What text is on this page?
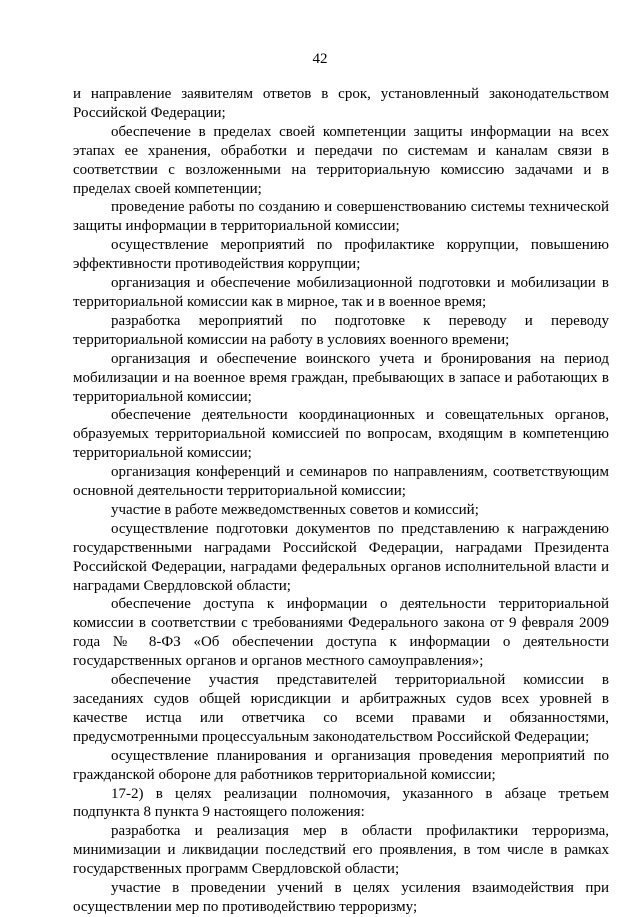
42

и направление заявителям ответов в срок, установленный законодательством Российской Федерации;

обеспечение в пределах своей компетенции защиты информации на всех этапах ее хранения, обработки и передачи по системам и каналам связи в соответствии с возложенными на территориальную комиссию задачами и в пределах своей компетенции;

проведение работы по созданию и совершенствованию системы технической защиты информации в территориальной комиссии;

осуществление мероприятий по профилактике коррупции, повышению эффективности противодействия коррупции;

организация и обеспечение мобилизационной подготовки и мобилизации в территориальной комиссии как в мирное, так и в военное время;

разработка мероприятий по подготовке к переводу и переводу территориальной комиссии на работу в условиях военного времени;

организация и обеспечение воинского учета и бронирования на период мобилизации и на военное время граждан, пребывающих в запасе и работающих в территориальной комиссии;

обеспечение деятельности координационных и совещательных органов, образуемых территориальной комиссией по вопросам, входящим в компетенцию территориальной комиссии;

организация конференций и семинаров по направлениям, соответствующим основной деятельности территориальной комиссии;

участие в работе межведомственных советов и комиссий;

осуществление подготовки документов по представлению к награждению государственными наградами Российской Федерации, наградами Президента Российской Федерации, наградами федеральных органов исполнительной власти и наградами Свердловской области;

обеспечение доступа к информации о деятельности территориальной комиссии в соответствии с требованиями Федерального закона от 9 февраля 2009 года № 8-ФЗ «Об обеспечении доступа к информации о деятельности государственных органов и органов местного самоуправления»;

обеспечение участия представителей территориальной комиссии в заседаниях судов общей юрисдикции и арбитражных судов всех уровней в качестве истца или ответчика со всеми правами и обязанностями, предусмотренными процессуальным законодательством Российской Федерации;

осуществление планирования и организация проведения мероприятий по гражданской обороне для работников территориальной комиссии;

17-2) в целях реализации полномочия, указанного в абзаце третьем подпункта 8 пункта 9 настоящего положения:

разработка и реализация мер в области профилактики терроризма, минимизации и ликвидации последствий его проявления, в том числе в рамках государственных программ Свердловской области;

участие в проведении учений в целях усиления взаимодействия при осуществлении мер по противодействию терроризму;
